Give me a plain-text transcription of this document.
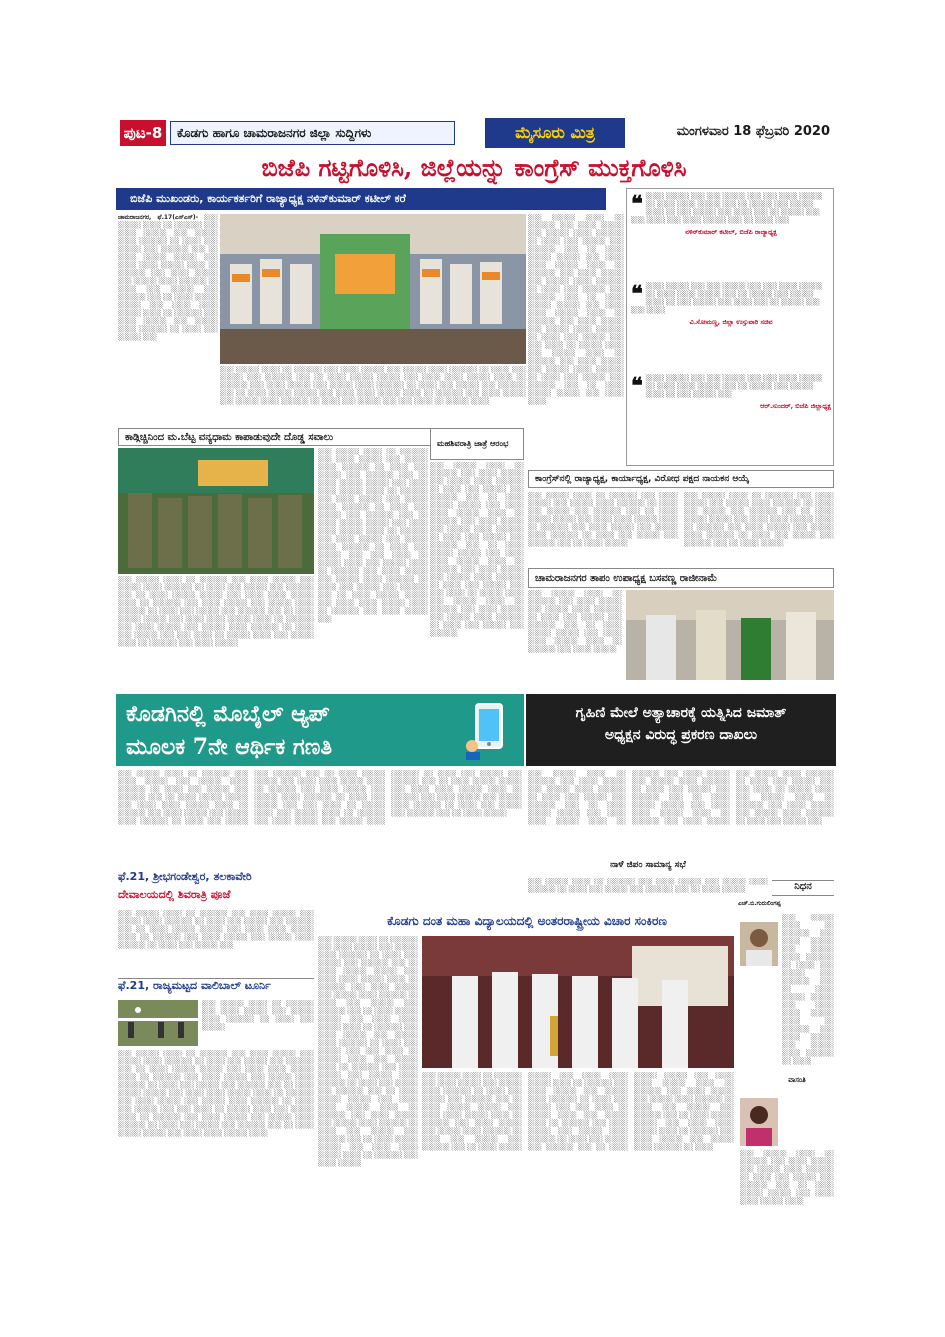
ಪುಟ-8	ಕೊಡಗು ಹಾಗೂ ಚಾಮರಾಜನಗರ ಜಿಲ್ಲಾ ಸುದ್ದಿಗಳು	ಮೈಸೂರು ಮಿತ್ರ	ಮಂಗಳವಾರ 18 ಫೆಬ್ರವರಿ 2020
ಬಿಜೆಪಿ ಗಟ್ಟಿಗೊಳಿಸಿ, ಜಿಲ್ಲೆಯನ್ನು ಕಾಂಗ್ರೆಸ್ ಮುಕ್ತಗೊಳಿಸಿ
ಬಿಜೆಪಿ ಮುಖಂಡರು, ಕಾರ್ಯಕರ್ತರಿಗೆ ರಾಜ್ಯಾಧ್ಯಕ್ಷ ನಳಿನ್‌ಕುಮಾರ್ ಕಟೀಲ್ ಕರೆ
ಚಾಮರಾಜನಗರ, ಫೆ.17(ಎಸ್‌ಎಸ್)- ░░░ ░░░░░ ░░░░ ░░ ░░░░░░ ░░░ ░░░░ ░░░░░ ░░░ ░░░░░ ░░░░ ░░░░░░ ░░ ░░░░ ░░░ ░░░░░ ░░░ ░░░░░░ ░░░ ░░ ░░░░ ░░░░░ ░░░░░ ░░░ ░░░░ ░░░░ ░░░░░ ░░░░ ░░ ░░░░░░ ░░░ ░░░░ ░░░░░ ░░░ ░░░░░ ░░░░ ░░░░░░ ░░ ░░░░ ░░░ ░░░░░ ░░░ ░░░░░░ ░░░ ░░ ░░░░ ░░░░░ ░░░░░ ░░░ ░░░░ ░░░░ ░░░░░ ░░░░ ░░ ░░░░░░ ░░░ ░░░░ ░░░░░ ░░░ ░░░░░ ░░░░ ░░░░░░ ░░ ░░░░ ░░░ ░░░░░ ░░░
░░░ ░░░░░ ░░░░ ░░ ░░░░░░ ░░░ ░░░░ ░░░░░ ░░░ ░░░░░ ░░░░ ░░░░░░ ░░ ░░░░ ░░░ ░░░░░ ░░░ ░░░░░░ ░░░ ░░ ░░░░ ░░░░░ ░░░░░ ░░░ ░░░░ ░░░░ ░░░░░ ░░░░ ░░ ░░░░░░ ░░░ ░░░░ ░░░░░ ░░░ ░░░░░ ░░░░ ░░░░░░ ░░ ░░░░ ░░░ ░░░░░ ░░░ ░░░░░░ ░░░ ░░ ░░░░ ░░░░░ ░░░░░ ░░░ ░░░░ ░░░░ ░░░░░ ░░░░ ░░ ░░░░░░ ░░░ ░░░░ ░░░░░ ░░░ ░░░░░ ░░░░ ░░░░░░ ░░ ░░░░ ░░░ ░░░░░ ░░░ ░░░ ░░░░ ░░ ░░░░░ ░░░░
░░░ ░░░░░ ░░░░ ░░ ░░░░░░ ░░░ ░░░░ ░░░░░ ░░░ ░░░░░ ░░░░ ░░░░░░ ░░ ░░░░ ░░░ ░░░░░ ░░░ ░░░░░░ ░░░ ░░ ░░░░ ░░░░░ ░░░░░ ░░░ ░░░░ ░░░░ ░░░░░ ░░░░ ░░ ░░░░░░ ░░░ ░░░░ ░░░░░ ░░░ ░░░░░ ░░░░ ░░░░░░ ░░ ░░░░ ░░░ ░░░░░ ░░░ ░░░░░░ ░░░ ░░ ░░░░ ░░░░░ ░░░░░ ░░░ ░░░░ ░░░░ ░░░░░ ░░░░ ░░ ░░░░░░ ░░░ ░░░░ ░░░░░ ░░░ ░░░░░ ░░░░ ░░░░░░ ░░ ░░░░ ░░░ ░░░░░ ░░░ ░░░ ░░░░ ░░ ░░░░░ ░░░░ ░░░ ░░░░░ ░░░░ ░░ ░░░░░░ ░░░ ░░░░ ░░░░░ ░░░ ░░░░░ ░░░░ ░░░░░░ ░░ ░░░░ ░░░ ░░░░░ ░░░ ░░░░░░ ░░░ ░░ ░░░░ ░░░░░ ░░░░░ ░░░ ░░░░ ░░░░
❝ ░░░░ ░░░░░ ░░░ ░░░ ░░░░░ ░░░ ░░░ ░░░░ ░░░░░ ░░ ░░░░ ░░░░ ░░░░░ ░░░ ░░ ░░░░░ ░░░ ░░░░░ ░░░░ ░░ ░░░ ░░░░░ ░░░ ░░░░ ░░░ ░░ ░░░░░ ░░░ ░░░ ░░░░ ░░░ ░░░░ ░░░░░ ░░░ ░░ ░░░░ ░░░
ನಳಿನ್‌ಕುಮಾರ್ ಕಟೀಲ್, ಬಿಜೆಪಿ ರಾಜ್ಯಾಧ್ಯಕ್ಷ
❝ ░░░░ ░░░░░ ░░░ ░░░ ░░░░░ ░░░ ░░░ ░░░░ ░░░░░ ░░ ░░░░ ░░░░ ░░░░░ ░░░ ░░ ░░░░░ ░░░ ░░░░░ ░░░░ ░░ ░░░ ░░░░░ ░░░ ░░░░ ░░░ ░░ ░░░░░ ░░░ ░░░ ░░░░
ವಿ.ಸೋಮಣ್ಣ, ಜಿಲ್ಲಾ ಉಸ್ತುವಾರಿ ಸಚಿವ
❝ ░░░░ ░░░░░ ░░░ ░░░ ░░░░░ ░░░ ░░░ ░░░░ ░░░░░ ░░ ░░░░ ░░░░ ░░░░░ ░░░ ░░ ░░░░░ ░░░ ░░░░░ ░░░░ ░░ ░░░ ░░░░░ ░░░
ಆರ್.ಸುಂದರ್, ಬಿಜೆಪಿ ಜಿಲ್ಲಾಧ್ಯಕ್ಷ
ಕಾಂಗ್ರೆಸ್‌ನಲ್ಲಿ ರಾಜ್ಯಾಧ್ಯಕ್ಷ, ಕಾರ್ಯಾಧ್ಯಕ್ಷ, ವಿರೋಧ ಪಕ್ಷದ ನಾಯಕನ ಆಯ್ಕೆ
░░░ ░░░░░ ░░░░ ░░ ░░░░░░ ░░░ ░░░░ ░░░░░ ░░░ ░░░░░ ░░░░ ░░░░░░ ░░ ░░░░ ░░░ ░░░░░ ░░░ ░░░░░░ ░░░ ░░ ░░░░ ░░░░░ ░░░░░ ░░░ ░░░░ ░░░░ ░░░░░ ░░░░ ░░ ░░░░░░ ░░░ ░░░░ ░░░░░ ░░░ ░░░░░ ░░░░ ░░░░░░ ░░ ░░░░ ░░░ ░░░░░ ░░░ ░░░░░░ ░░░ ░░ ░░░░ ░░░░░
░░░ ░░░░░ ░░░░ ░░ ░░░░░░ ░░░ ░░░░ ░░░░░ ░░░ ░░░░░ ░░░░ ░░░░░░ ░░ ░░░░ ░░░ ░░░░░ ░░░ ░░░░░░ ░░░ ░░ ░░░░ ░░░░░ ░░░░░ ░░░ ░░░░ ░░░░ ░░░░░ ░░░░ ░░ ░░░░░░ ░░░ ░░░░ ░░░░░ ░░░ ░░░░░ ░░░░ ░░░░░░ ░░ ░░░░ ░░░ ░░░░░ ░░░ ░░░░░░ ░░░ ░░ ░░░░ ░░░░░
ಕಾಡ್ಗಿಚ್ಚಿನಿಂದ ಮ.ಬೆಟ್ಟ ವನ್ಯಧಾಮ ಕಾಪಾಡುವುದೇ ದೊಡ್ಡ ಸವಾಲು
░░░ ░░░░░ ░░░░ ░░ ░░░░░░ ░░░ ░░░░ ░░░░░ ░░░ ░░░░░ ░░░░ ░░░░░░ ░░ ░░░░ ░░░ ░░░░░ ░░░ ░░░░░░ ░░░ ░░ ░░░░ ░░░░░ ░░░░░ ░░░ ░░░░ ░░░░ ░░░░░ ░░░░ ░░ ░░░░░░ ░░░ ░░░░ ░░░░░ ░░░ ░░░░░ ░░░░ ░░░░░░ ░░ ░░░░ ░░░ ░░░░░ ░░░ ░░░░░░ ░░░ ░░ ░░░░ ░░░░░ ░░░░░ ░░░ ░░░░ ░░░░ ░░░░░ ░░░░ ░░ ░░░░░░ ░░░ ░░░░ ░░░░░ ░░░ ░░░░░ ░░░░ ░░░░░░ ░░ ░░░░ ░░░ ░░░░░ ░░░ ░░░ ░░░░ ░░ ░░░░░ ░░░░ ░░░ ░░░░░ ░░░░ ░░ ░░░░░░ ░░░ ░░░░ ░░░░░
░░░ ░░░░░ ░░░░ ░░ ░░░░░░ ░░░ ░░░░ ░░░░░ ░░░ ░░░░░ ░░░░ ░░░░░░ ░░ ░░░░ ░░░ ░░░░░ ░░░ ░░░░░░ ░░░ ░░ ░░░░ ░░░░░ ░░░░░ ░░░ ░░░░ ░░░░ ░░░░░ ░░░░ ░░ ░░░░░░ ░░░ ░░░░ ░░░░░ ░░░ ░░░░░ ░░░░ ░░░░░░ ░░ ░░░░ ░░░ ░░░░░ ░░░ ░░░░░░ ░░░ ░░ ░░░░ ░░░░░ ░░░░░ ░░░ ░░░░ ░░░░ ░░░░░ ░░░░ ░░ ░░░░░░ ░░░ ░░░░ ░░░░░ ░░░ ░░░░░ ░░░░ ░░░░░░ ░░ ░░░░ ░░░ ░░░░░ ░░░ ░░░ ░░░░ ░░ ░░░░░ ░░░░ ░░░ ░░░░░ ░░░░ ░░ ░░░░░░ ░░░ ░░░░ ░░░░░ ░░░ ░░░░░ ░░░░ ░░░░░░ ░░ ░░░░ ░░░ ░░░░░ ░░░ ░░░░░░ ░░░ ░░ ░░░░ ░░░░░ ░░░░░ ░░░ ░░░░ ░░░░ ░░░░░ ░░░░ ░░ ░░░░░░ ░░░ ░░░░ ░░░░░ ░░░
ಮಹಶಿವರಾತ್ರಿ ಜಾತ್ರೆ ಆರಂಭ
░░░ ░░░░░ ░░░░ ░░ ░░░░░░ ░░░ ░░░░ ░░░░░ ░░░ ░░░░░ ░░░░ ░░░░░░ ░░ ░░░░ ░░░ ░░░░░ ░░░ ░░░░░░ ░░░ ░░ ░░░░ ░░░░░ ░░░░░ ░░░ ░░░░ ░░░░ ░░░░░ ░░░░ ░░ ░░░░░░ ░░░ ░░░░ ░░░░░ ░░░ ░░░░░ ░░░░ ░░░░░░ ░░ ░░░░ ░░░ ░░░░░ ░░░ ░░░░░░ ░░░ ░░ ░░░░ ░░░░░ ░░░░░ ░░░ ░░░░ ░░░░ ░░░░░ ░░░░ ░░ ░░░░░░ ░░░ ░░░░ ░░░░░ ░░░ ░░░░░ ░░░░ ░░░░░░ ░░ ░░░░ ░░░ ░░░░░ ░░░ ░░░ ░░░░ ░░ ░░░░░ ░░░░ ░░░ ░░░░░ ░░░░ ░░ ░░░░░░ ░░░ ░░░░ ░░░░░ ░░░ ░░░░░ ░░░░ ░░░░░░ ░░ ░░░░ ░░░ ░░░░░ ░░░ ░░░░░░
ಚಾಮರಾಜನಗರ ತಾಪಂ ಉಪಾಧ್ಯಕ್ಷ ಬಸವಣ್ಣ ರಾಜೀನಾಮೆ
░░░ ░░░░░ ░░░░ ░░ ░░░░░░ ░░░ ░░░░ ░░░░░ ░░░ ░░░░░ ░░░░ ░░░░░░ ░░ ░░░░ ░░░ ░░░░░ ░░░ ░░░░░░ ░░░ ░░ ░░░░ ░░░░░ ░░░░░ ░░░ ░░░░ ░░░░ ░░░░░ ░░░░ ░░ ░░░░░░ ░░░ ░░░░ ░░░░░
ಕೊಡಗಿನಲ್ಲಿ ಮೊಬೈಲ್ ಆ್ಯಪ್
ಮೂಲಕ 7ನೇ ಆರ್ಥಿಕ ಗಣತಿ
░░░ ░░░░░ ░░░░ ░░ ░░░░░░ ░░░ ░░░░ ░░░░░ ░░░ ░░░░░ ░░░░ ░░░░░░ ░░ ░░░░ ░░░ ░░░░░ ░░░ ░░░░░░ ░░░ ░░ ░░░░ ░░░░░ ░░░░░ ░░░ ░░░░ ░░░░ ░░░░░ ░░░░ ░░ ░░░░░░ ░░░ ░░░░ ░░░░░ ░░░ ░░░░░ ░░░░ ░░░░░░ ░░ ░░░░ ░░░ ░░░░░ ░░░ ░░░░░░ ░░░ ░░ ░░░░ ░░░░░ ░░░░░ ░░░ ░░░░ ░░░░ ░░░░░ ░░░░ ░░ ░░░░░░ ░░░ ░░░░ ░░░░░ ░░░ ░░░░░ ░░░░ ░░░░░░ ░░ ░░░░ ░░░ ░░░░░ ░░░ ░░░ ░░░░ ░░ ░░░░░ ░░░░ ░░░ ░░░░░ ░░░░ ░░ ░░░░░░ ░░░ ░░░░ ░░░░░ ░░░ ░░░░░ ░░░░ ░░░░░░ ░░ ░░░░ ░░░ ░░░░░ ░░░ ░░░░░░ ░░░ ░░ ░░░░ ░░░░░ ░░░░░ ░░░ ░░░░ ░░░░ ░░░░░ ░░░░ ░░ ░░░░░░ ░░░ ░░░░ ░░░░░ ░░░ ░░░░░ ░░░░ ░░░░░░ ░░ ░░░░ ░░░ ░░░░░ ░░░ ░░░░░░ ░░░ ░░ ░░░░ ░░░░░
ಗೃಹಿಣಿ ಮೇಲೆ ಅತ್ಯಾಚಾರಕ್ಕೆ ಯತ್ನಿಸಿದ ಜಮಾತ್
ಅಧ್ಯಕ್ಷನ ವಿರುದ್ಧ ಪ್ರಕರಣ ದಾಖಲು
░░░ ░░░░░ ░░░░ ░░ ░░░░░░ ░░░ ░░░░ ░░░░░ ░░░ ░░░░░ ░░░░ ░░░░░░ ░░ ░░░░ ░░░ ░░░░░ ░░░ ░░░░░░ ░░░ ░░ ░░░░ ░░░░░ ░░░░░ ░░░ ░░░░ ░░░░ ░░░░░ ░░░░ ░░ ░░░░░░ ░░░ ░░░░ ░░░░░ ░░░ ░░░░░ ░░░░ ░░░░░░ ░░ ░░░░ ░░░ ░░░░░ ░░░ ░░░░░░ ░░░ ░░ ░░░░ ░░░░░ ░░░░░ ░░░ ░░░░ ░░░░ ░░░░░ ░░░░ ░░ ░░░░░░ ░░░ ░░░░ ░░░░░ ░░░ ░░░░░ ░░░░ ░░░░░░ ░░ ░░░░ ░░░ ░░░░░ ░░░ ░░░ ░░░░ ░░ ░░░░░ ░░░░ ░░░ ░░░░░ ░░░░ ░░ ░░░░░░ ░░░ ░░░░ ░░░░░ ░░░ ░░░░░ ░░░░ ░░░░░░ ░░ ░░░░ ░░░ ░░░░░ ░░░
ನಾಳೆ ಜಿಪಂ ಸಾಮಾನ್ಯ ಸಭೆ
░░░ ░░░░░ ░░░░ ░░ ░░░░░░ ░░░ ░░░░ ░░░░░ ░░░ ░░░░░ ░░░░ ░░░░░░ ░░ ░░░░ ░░░ ░░░░░ ░░░ ░░░░░░ ░░░ ░░ ░░░░ ░░░░░	ನಿಧನ
ಎಚ್.ಬಿ.ಗುರುಲಿಂಗಪ್ಪ
░░░ ░░░░░ ░░░░ ░░ ░░░░░░ ░░░ ░░░░ ░░░░░ ░░░ ░░░░░ ░░░░ ░░░░░░ ░░ ░░░░ ░░░ ░░░░░ ░░░ ░░░░░░ ░░░ ░░ ░░░░ ░░░░░ ░░░░░ ░░░ ░░░░ ░░░░ ░░░░░ ░░░░ ░░ ░░░░░░ ░░░ ░░░░ ░░░░░ ░░░ ░░░░░ ░░░░ ░░░░░░ ░░ ░░░░
ವಾಸಂತಿ
░░░ ░░░░░ ░░░░ ░░ ░░░░░░ ░░░ ░░░░ ░░░░░ ░░░ ░░░░░ ░░░░ ░░░░░░ ░░ ░░░░ ░░░ ░░░░░ ░░░ ░░░░░░ ░░░ ░░ ░░░░ ░░░░░ ░░░░░ ░░░ ░░░░ ░░░░ ░░░░░ ░░░░
ಫೆ.21, ಶ್ರೀಭಗಂಡೇಶ್ವರ, ತಲಕಾವೇರಿ
ದೇವಾಲಯದಲ್ಲಿ ಶಿವರಾತ್ರಿ ಪೂಜೆ
░░░ ░░░░░ ░░░░ ░░ ░░░░░░ ░░░ ░░░░ ░░░░░ ░░░ ░░░░░ ░░░░ ░░░░░░ ░░ ░░░░ ░░░ ░░░░░ ░░░ ░░░░░░ ░░░ ░░ ░░░░ ░░░░░ ░░░░░ ░░░ ░░░░ ░░░░ ░░░░░ ░░░░ ░░ ░░░░░░ ░░░ ░░░░ ░░░░░ ░░░ ░░░░░ ░░░░ ░░░░░░ ░░ ░░░░ ░░░ ░░░░░ ░░░
ಫೆ.21, ರಾಜ್ಯಮಟ್ಟದ ವಾಲಿಬಾಲ್ ಟೂರ್ನಿ
░░░ ░░░░░ ░░░░ ░░ ░░░░░░ ░░░ ░░░░ ░░░░░ ░░░ ░░░░░ ░░░░ ░░░░░░ ░░ ░░░░ ░░░ ░░░░░
░░░ ░░░░░ ░░░░ ░░ ░░░░░░ ░░░ ░░░░ ░░░░░ ░░░ ░░░░░ ░░░░ ░░░░░░ ░░ ░░░░ ░░░ ░░░░░ ░░░ ░░░░░░ ░░░ ░░ ░░░░ ░░░░░ ░░░░░ ░░░ ░░░░ ░░░░ ░░░░░ ░░░░ ░░ ░░░░░░ ░░░ ░░░░ ░░░░░ ░░░ ░░░░░ ░░░░ ░░░░░░ ░░ ░░░░ ░░░ ░░░░░ ░░░ ░░░░░░ ░░░ ░░ ░░░░ ░░░░░ ░░░░░ ░░░ ░░░░ ░░░░ ░░░░░ ░░░░ ░░ ░░░░░░ ░░░ ░░░░ ░░░░░ ░░░ ░░░░░ ░░░░ ░░░░░░ ░░ ░░░░ ░░░ ░░░░░ ░░░ ░░░ ░░░░ ░░ ░░░░░ ░░░░ ░░░ ░░░░░ ░░░░ ░░ ░░░░░░ ░░░ ░░░░ ░░░░░ ░░░ ░░░░░ ░░░░ ░░░░░░ ░░ ░░░░ ░░░ ░░░░░ ░░░ ░░░░░░ ░░░ ░░ ░░░░ ░░░░░ ░░░░░ ░░░ ░░░░ ░░░░ ░░░░░ ░░░░
ಕೊಡಗು ದಂತ ಮಹಾ ವಿದ್ಯಾಲಯದಲ್ಲಿ ಅಂತರರಾಷ್ಟ್ರೀಯ ವಿಚಾರ ಸಂಕಿರಣ
░░░ ░░░░░ ░░░░ ░░ ░░░░░░ ░░░ ░░░░ ░░░░░ ░░░ ░░░░░ ░░░░ ░░░░░░ ░░ ░░░░ ░░░ ░░░░░ ░░░ ░░░░░░ ░░░ ░░ ░░░░ ░░░░░ ░░░░░ ░░░ ░░░░ ░░░░ ░░░░░ ░░░░ ░░ ░░░░░░ ░░░ ░░░░ ░░░░░ ░░░ ░░░░░ ░░░░ ░░░░░░ ░░ ░░░░ ░░░ ░░░░░ ░░░ ░░░░░░ ░░░ ░░ ░░░░ ░░░░░ ░░░░░ ░░░ ░░░░ ░░░░ ░░░░░ ░░░░ ░░ ░░░░░░ ░░░ ░░░░ ░░░░░ ░░░ ░░░░░ ░░░░ ░░░░░░ ░░ ░░░░ ░░░ ░░░░░ ░░░ ░░░ ░░░░ ░░ ░░░░░ ░░░░ ░░░ ░░░░░ ░░░░ ░░ ░░░░░░ ░░░ ░░░░ ░░░░░ ░░░ ░░░░░ ░░░░ ░░░░░░ ░░ ░░░░ ░░░ ░░░░░ ░░░ ░░░░░░ ░░░ ░░ ░░░░ ░░░░░ ░░░░░ ░░░ ░░░░ ░░░░ ░░░░░ ░░░░ ░░ ░░░░░░ ░░░ ░░░░ ░░░░░ ░░░ ░░░░░ ░░░░ ░░░░░░ ░░ ░░░░ ░░░ ░░░░░ ░░░ ░░░░░░ ░░░ ░░ ░░░░ ░░░░░ ░░░░░ ░░░ ░░░░ ░░░░ ░░░░░ ░░░░ ░░ ░░░░░░ ░░░ ░░░░ ░░░░░
░░░ ░░░░░ ░░░░ ░░ ░░░░░░ ░░░ ░░░░ ░░░░░ ░░░ ░░░░░ ░░░░ ░░░░░░ ░░ ░░░░ ░░░ ░░░░░ ░░░ ░░░░░░ ░░░ ░░ ░░░░ ░░░░░ ░░░░░ ░░░ ░░░░ ░░░░ ░░░░░ ░░░░ ░░ ░░░░░░ ░░░ ░░░░ ░░░░░ ░░░ ░░░░░ ░░░░ ░░░░░░ ░░ ░░░░ ░░░ ░░░░░ ░░░ ░░░░░░ ░░░ ░░ ░░░░ ░░░░░ ░░░░░ ░░░ ░░░░ ░░░░ ░░░░░ ░░░░ ░░ ░░░░░░ ░░░ ░░░░ ░░░░░ ░░░ ░░░░░ ░░░░ ░░░░░░ ░░ ░░░░ ░░░ ░░░░░ ░░░ ░░░ ░░░░ ░░ ░░░░░ ░░░░ ░░░ ░░░░░ ░░░░ ░░ ░░░░░░ ░░░ ░░░░ ░░░░░ ░░░ ░░░░░ ░░░░ ░░░░░░ ░░ ░░░░ ░░░ ░░░░░ ░░░ ░░░░░░ ░░░ ░░ ░░░░ ░░░░░ ░░░░░ ░░░ ░░░░ ░░░░ ░░░░░ ░░░░ ░░ ░░░░░░ ░░░ ░░░░ ░░░░░ ░░░ ░░░░░ ░░░░ ░░░░░░ ░░ ░░░░ ░░░ ░░░░░ ░░░ ░░░░░░ ░░░ ░░ ░░░░ ░░░░░ ░░░░░ ░░░ ░░░░ ░░░░ ░░░░░ ░░░░ ░░ ░░░░░░ ░░░ ░░░░ ░░░░░ ░░░ ░░░░░ ░░░░ ░░░░░░ ░░ ░░░░
